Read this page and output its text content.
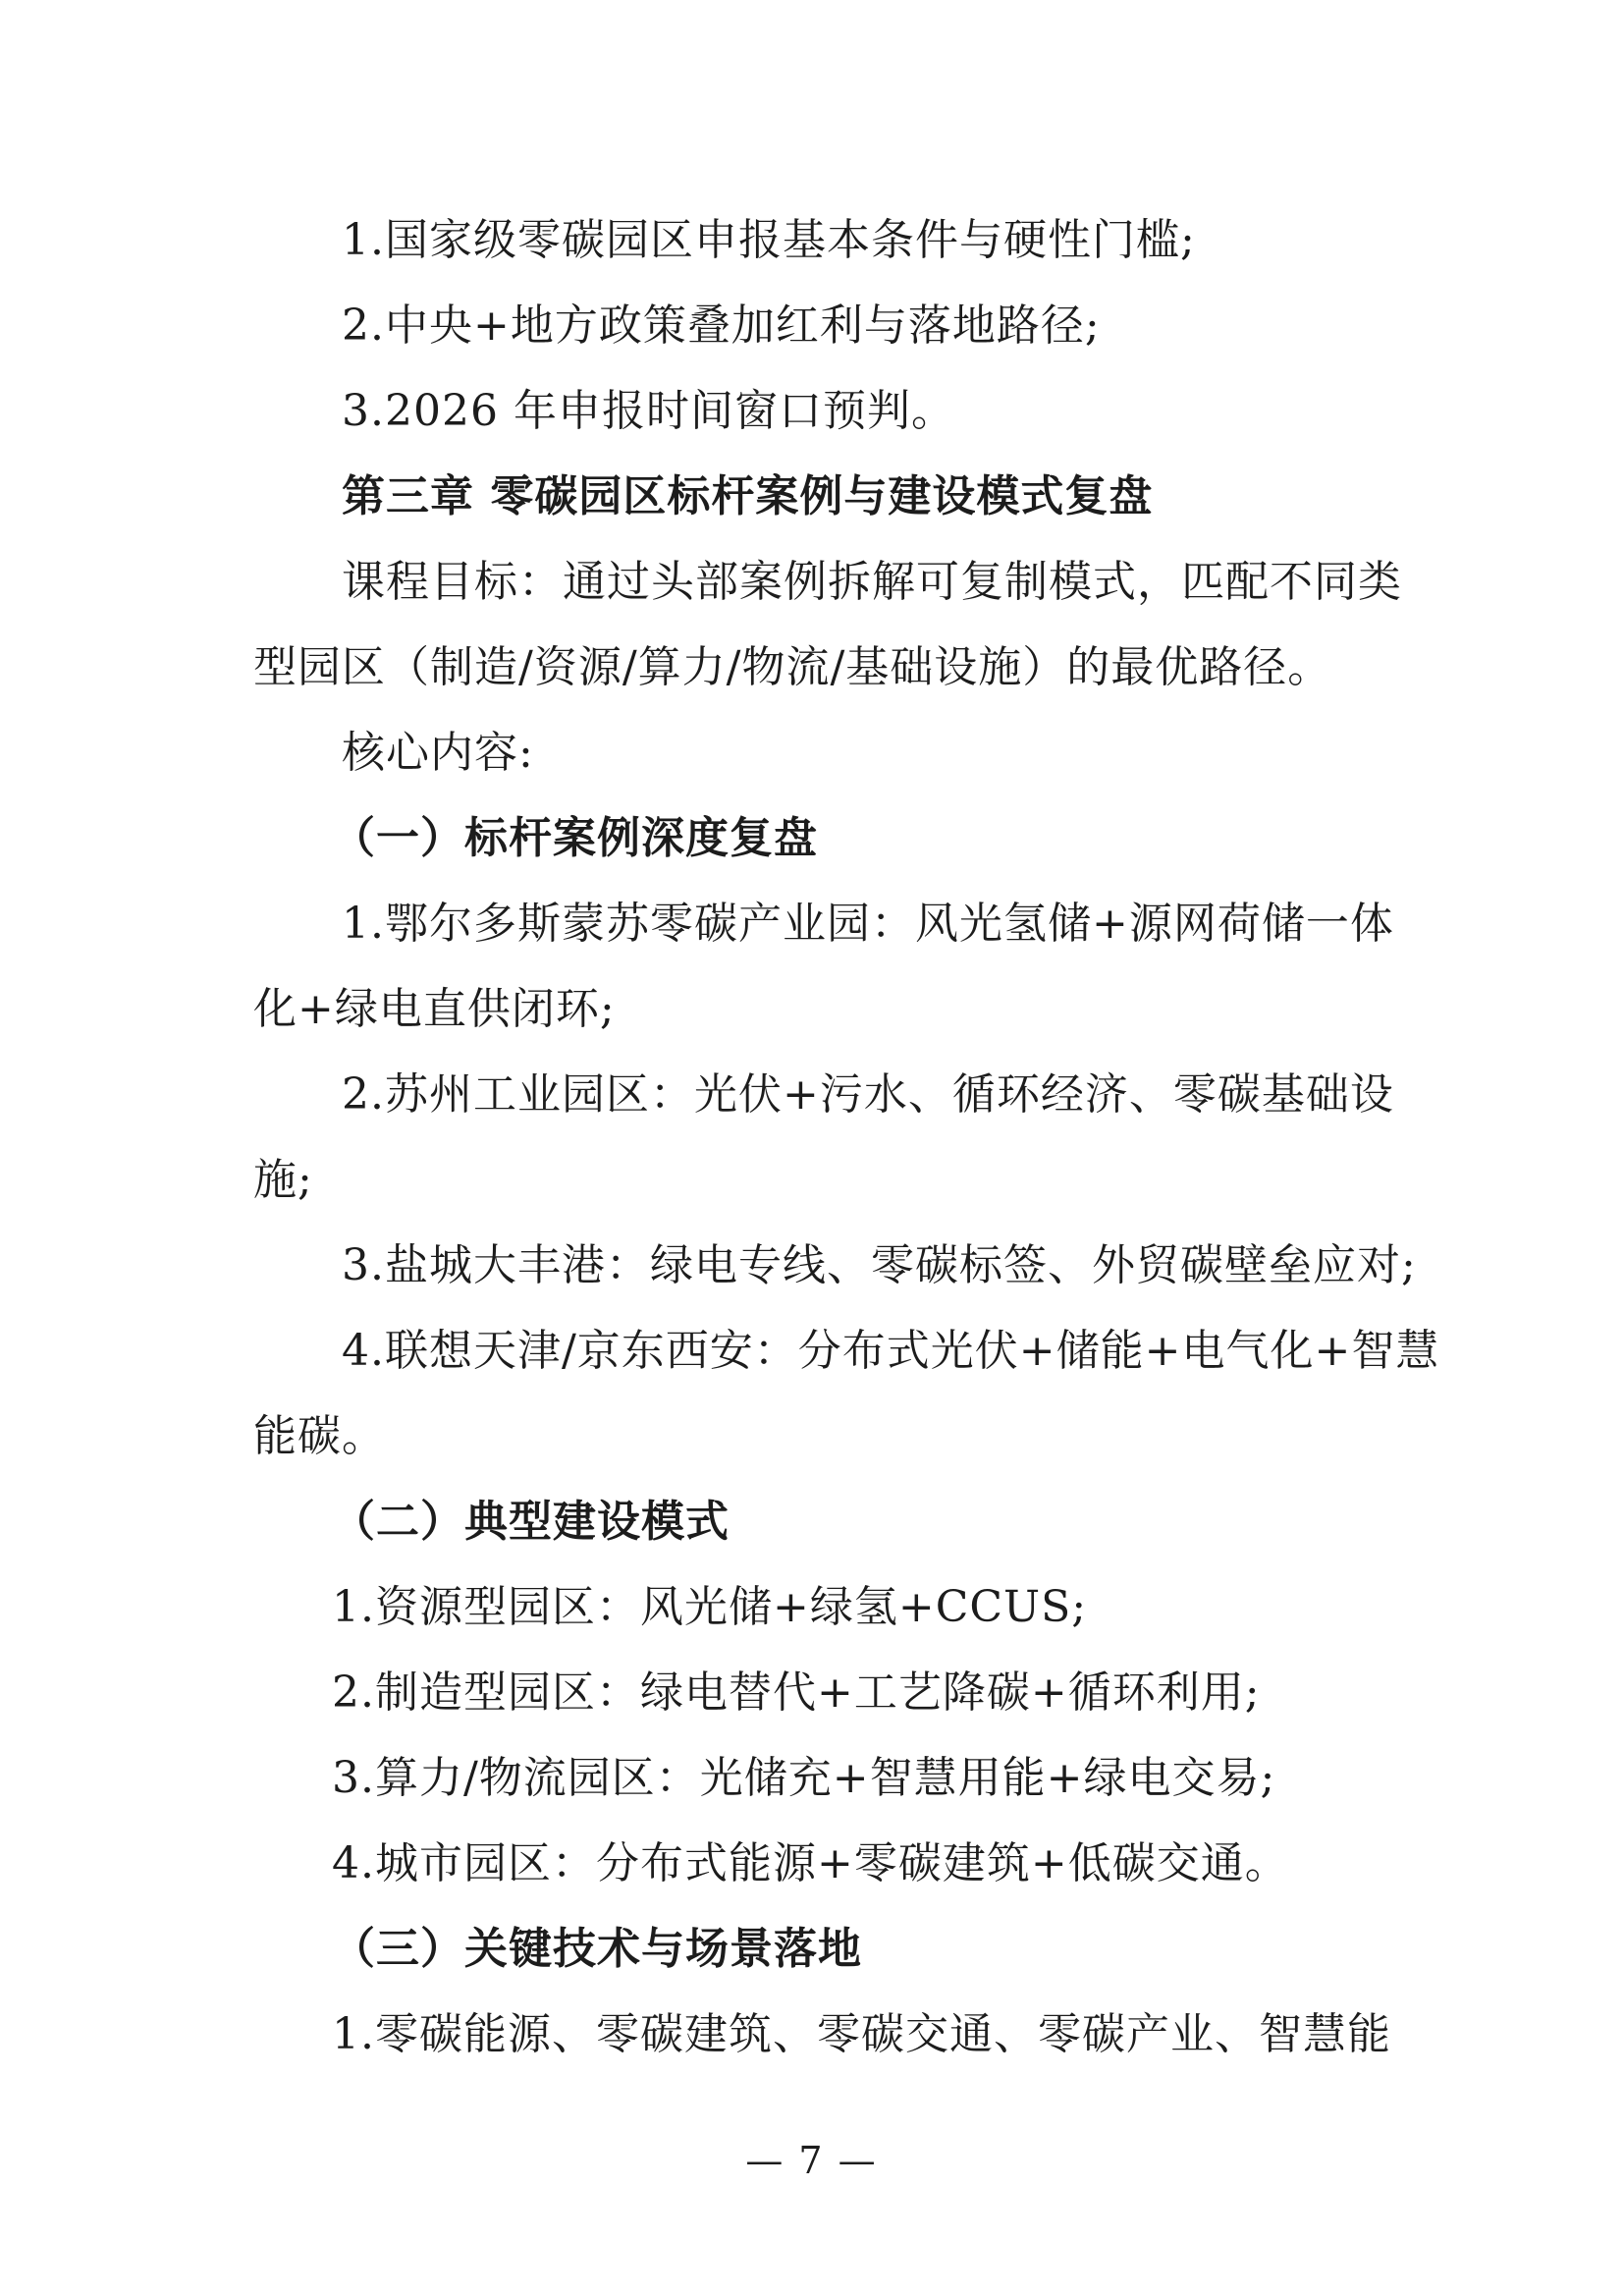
1.国家级零碳园区申报基本条件与硬性门槛;
2.中央+地方政策叠加红利与落地路径;
3.2026 年申报时间窗口预判。
第三章 零碳园区标杆案例与建设模式复盘
课程目标：通过头部案例拆解可复制模式，匹配不同类
型园区（制造/资源/算力/物流/基础设施）的最优路径。
核心内容:
（一）标杆案例深度复盘
1.鄂尔多斯蒙苏零碳产业园：风光氢储+源网荷储一体
化+绿电直供闭环;
2.苏州工业园区：光伏+污水、循环经济、零碳基础设
施;
3.盐城大丰港：绿电专线、零碳标签、外贸碳壁垒应对;
4.联想天津/京东西安：分布式光伏+储能+电气化+智慧
能碳。
（二）典型建设模式
1.资源型园区：风光储+绿氢+CCUS;
2.制造型园区：绿电替代+工艺降碳+循环利用;
3.算力/物流园区：光储充+智慧用能+绿电交易;
4.城市园区：分布式能源+零碳建筑+低碳交通。
（三）关键技术与场景落地
1.零碳能源、零碳建筑、零碳交通、零碳产业、智慧能
— 7 —
